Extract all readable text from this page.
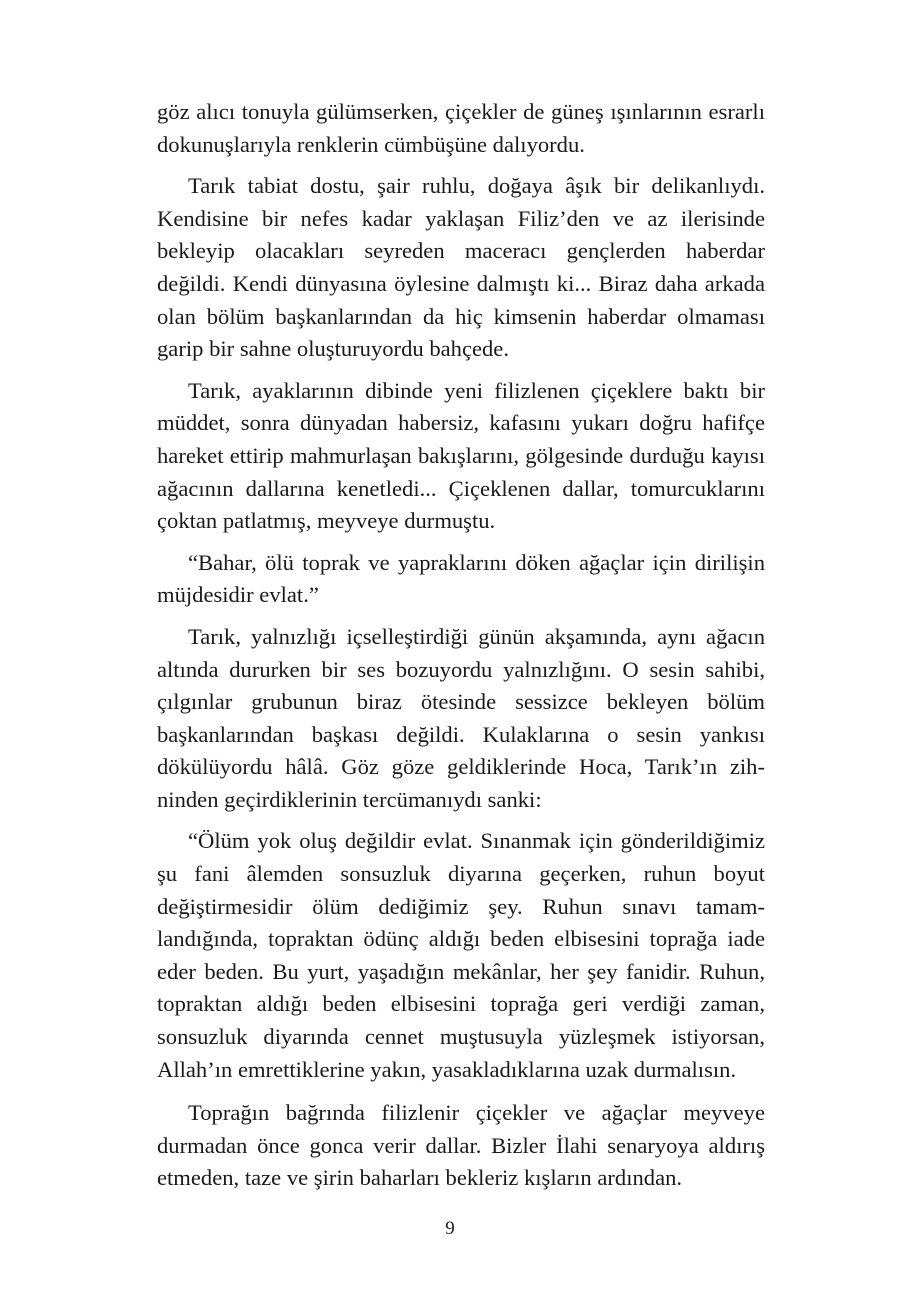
göz alıcı tonuyla gülümserken, çiçekler de güneş ışınlarının esrarlı dokunuşlarıyla renklerin cümbüşüne dalıyordu.

Tarık tabiat dostu, şair ruhlu, doğaya âşık bir delikanlıydı. Kendisine bir nefes kadar yaklaşan Filiz’den ve az ilerisinde bekleyip olacakları seyreden maceracı gençlerden haberdar değildi. Kendi dünyasına öylesine dalmıştı ki... Biraz daha arkada olan bölüm başkanlarından da hiç kimsenin haberdar olmaması garip bir sahne oluşturuyordu bahçede.

Tarık, ayaklarının dibinde yeni filizlenen çiçeklere baktı bir müddet, sonra dünyadan habersiz, kafasını yukarı doğru hafifçe hareket ettirip mahmurlaşan bakışlarını, gölgesinde durduğu kayısı ağacının dallarına kenetledi... Çiçeklenen dallar, tomurcuklarını çoktan patlatmış, meyveye durmuştu.

“Bahar, ölü toprak ve yapraklarını döken ağaçlar için dirilişin müjdesidir evlat.”

Tarık, yalnızlığı içselleştirdiği günün akşamında, aynı ağacın altında dururken bir ses bozuyordu yalnızlığını. O sesin sahibi, çılgınlar grubunun biraz ötesinde sessizce bekleyen bölüm başkanlarından başkası değildi. Kulaklarına o sesin yankısı dökülüyordu hâlâ. Göz göze geldiklerinde Hoca, Tarık’ın zihninden geçirdiklerinin tercümanıydı sanki:

“Ölüm yok oluş değildir evlat. Sınanmak için gönderildiğimiz şu fani âlemden sonsuzluk diyarına geçerken, ruhun boyut değiştirmesidir ölüm dediğimiz şey. Ruhun sınavı tamamlandığında, topraktan ödünç aldığı beden elbisesini toprağa iade eder beden. Bu yurt, yaşadığın mekânlar, her şey fanidir. Ruhun, topraktan aldığı beden elbisesini toprağa geri verdiği zaman, sonsuzluk diyarında cennet muştusuyla yüzleşmek istiyorsan, Allah’ın emrettiklerine yakın, yasakladıklarına uzak durmalısın.

Toprağın bağrında filizlenir çiçekler ve ağaçlar meyveye durmadan önce gonca verir dallar. Bizler İlahi senaryoya aldırış etmeden, taze ve şirin baharları bekleriz kışların ardından.

9
